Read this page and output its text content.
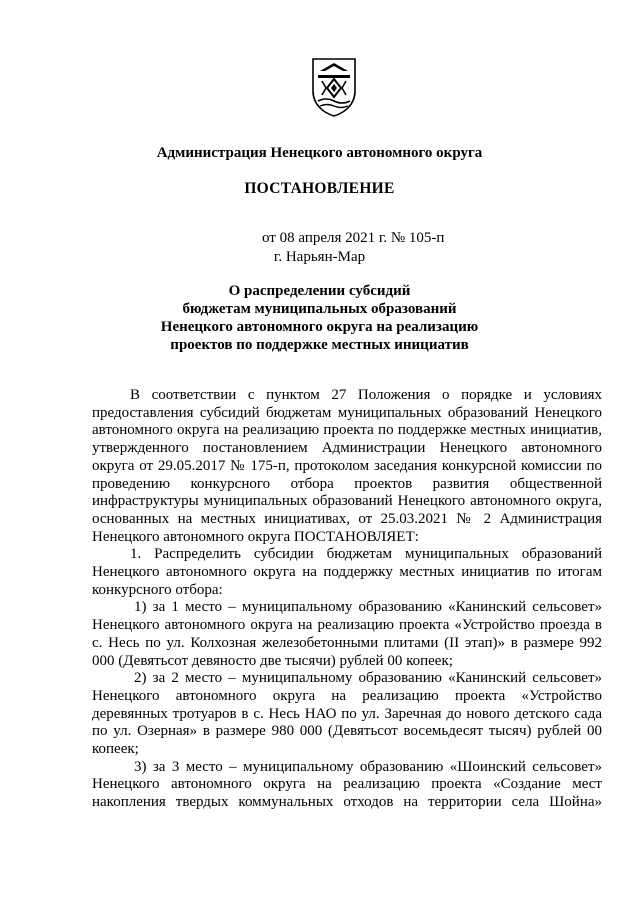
Администрация Ненецкого автономного округа
ПОСТАНОВЛЕНИЕ
от 08 апреля 2021 г. № 105-п
г. Нарьян-Мар
О распределении субсидий
бюджетам муниципальных образований
Ненецкого автономного округа на реализацию
проектов по поддержке местных инициатив

В соответствии с пунктом 27 Положения о порядке и условиях предоставления субсидий бюджетам муниципальных образований Ненецкого автономного округа на реализацию проекта по поддержке местных инициатив, утвержденного постановлением Администрации Ненецкого автономного округа от 29.05.2017 № 175-п, протоколом заседания конкурсной комиссии по проведению конкурсного отбора проектов развития общественной инфраструктуры муниципальных образований Ненецкого автономного округа, основанных на местных инициативах, от 25.03.2021 № 2 Администрация Ненецкого автономного округа ПОСТАНОВЛЯЕТ:

1. Распределить субсидии бюджетам муниципальных образований Ненецкого автономного округа на поддержку местных инициатив по итогам конкурсного отбора:

1) за 1 место – муниципальному образованию «Канинский сельсовет» Ненецкого автономного округа на реализацию проекта «Устройство проезда в с. Несь по ул. Колхозная железобетонными плитами (II этап)» в размере 992 000 (Девятьсот девяносто две тысячи) рублей 00 копеек;

2) за 2 место – муниципальному образованию «Канинский сельсовет» Ненецкого автономного округа на реализацию проекта «Устройство деревянных тротуаров в с. Несь НАО по ул. Заречная до нового детского сада по ул. Озерная» в размере 980 000 (Девятьсот восемьдесят тысяч) рублей 00 копеек;

3) за 3 место – муниципальному образованию «Шоинский сельсовет» Ненецкого автономного округа на реализацию проекта «Создание мест накопления твердых коммунальных отходов на территории села Шойна»
